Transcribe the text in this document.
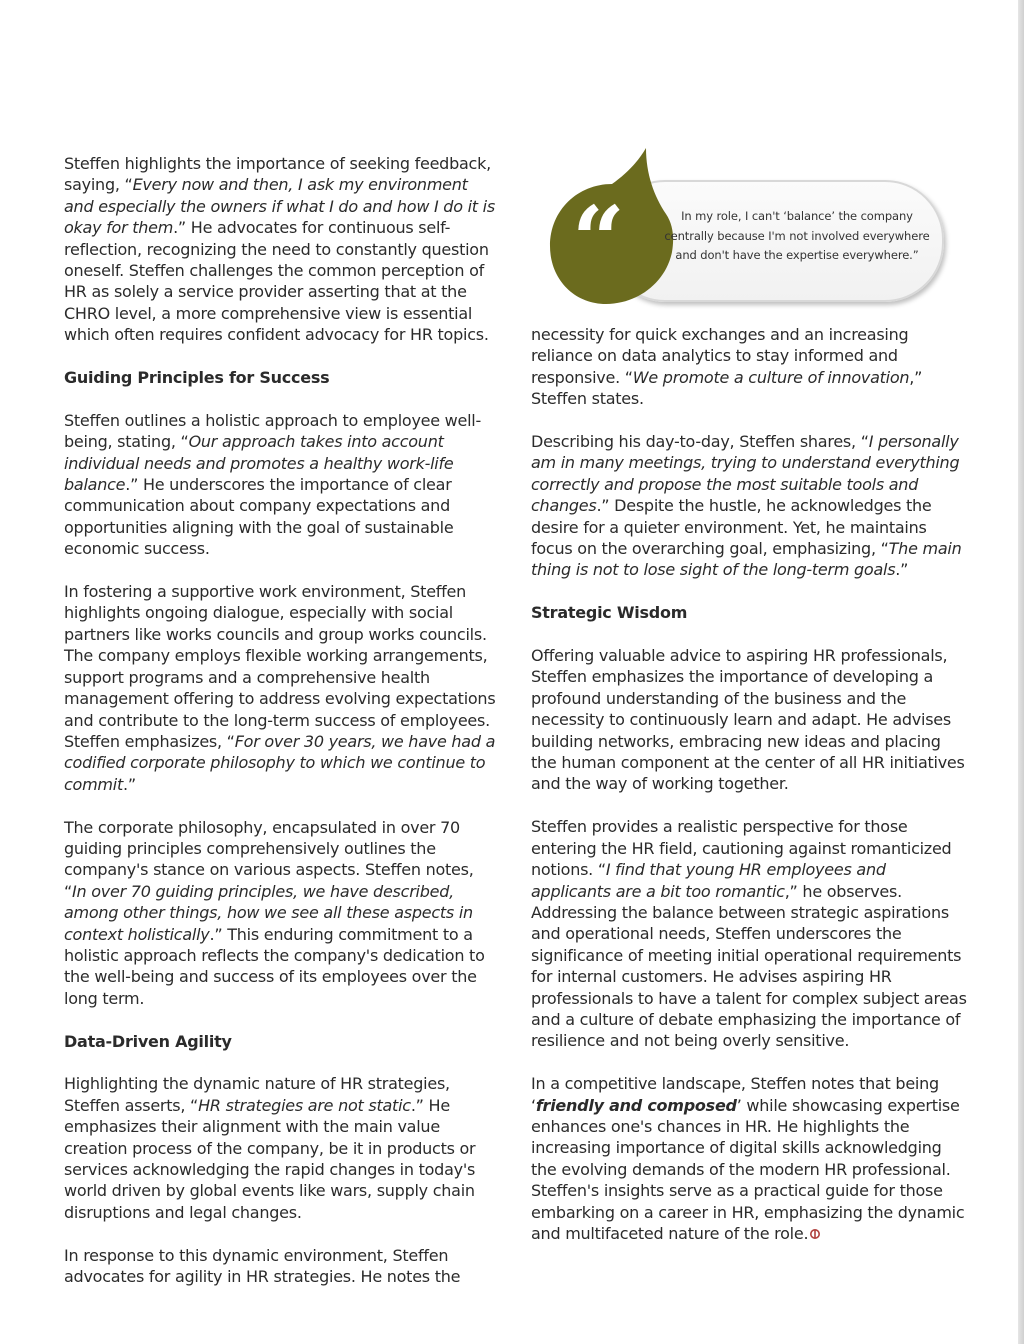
Steffen highlights the importance of seeking feedback, saying, “Every now and then, I ask my environment and especially the owners if what I do and how I do it is okay for them.” He advocates for continuous self-reflection, recognizing the need to constantly question oneself. Steffen challenges the common perception of HR as solely a service provider asserting that at the CHRO level, a more comprehensive view is essential which often requires confident advocacy for HR topics.

Guiding Principles for Success

Steffen outlines a holistic approach to employee well-being, stating, “Our approach takes into account individual needs and promotes a healthy work-life balance.” He underscores the importance of clear communication about company expectations and opportunities aligning with the goal of sustainable economic success.

In fostering a supportive work environment, Steffen highlights ongoing dialogue, especially with social partners like works councils and group works councils. The company employs flexible working arrangements, support programs and a comprehensive health management offering to address evolving expectations and contribute to the long-term success of employees. Steffen emphasizes, “For over 30 years, we have had a codified corporate philosophy to which we continue to commit.”

The corporate philosophy, encapsulated in over 70 guiding principles comprehensively outlines the company's stance on various aspects. Steffen notes, “In over 70 guiding principles, we have described, among other things, how we see all these aspects in context holistically.” This enduring commitment to a holistic approach reflects the company's dedication to the well-being and success of its employees over the long term.

Data-Driven Agility

Highlighting the dynamic nature of HR strategies, Steffen asserts, “HR strategies are not static.” He emphasizes their alignment with the main value creation process of the company, be it in products or services acknowledging the rapid changes in today's world driven by global events like wars, supply chain disruptions and legal changes.

In response to this dynamic environment, Steffen advocates for agility in HR strategies. He notes the

“	In my role, I can't ‘balance’ the company centrally because I'm not involved everywhere and don't have the expertise everywhere.”

necessity for quick exchanges and an increasing reliance on data analytics to stay informed and responsive. “We promote a culture of innovation,” Steffen states.

Describing his day-to-day, Steffen shares, “I personally am in many meetings, trying to understand everything correctly and propose the most suitable tools and changes.” Despite the hustle, he acknowledges the desire for a quieter environment. Yet, he maintains focus on the overarching goal, emphasizing, “The main thing is not to lose sight of the long-term goals.”

Strategic Wisdom

Offering valuable advice to aspiring HR professionals, Steffen emphasizes the importance of developing a profound understanding of the business and the necessity to continuously learn and adapt. He advises building networks, embracing new ideas and placing the human component at the center of all HR initiatives and the way of working together.

Steffen provides a realistic perspective for those entering the HR field, cautioning against romanticized notions. “I find that young HR employees and applicants are a bit too romantic,” he observes. Addressing the balance between strategic aspirations and operational needs, Steffen underscores the significance of meeting initial operational requirements for internal customers. He advises aspiring HR professionals to have a talent for complex subject areas and a culture of debate emphasizing the importance of resilience and not being overly sensitive.

In a competitive landscape, Steffen notes that being ‘friendly and composed’ while showcasing expertise enhances one's chances in HR. He highlights the increasing importance of digital skills acknowledging the evolving demands of the modern HR professional. Steffen's insights serve as a practical guide for those embarking on a career in HR, emphasizing the dynamic and multifaceted nature of the role.
